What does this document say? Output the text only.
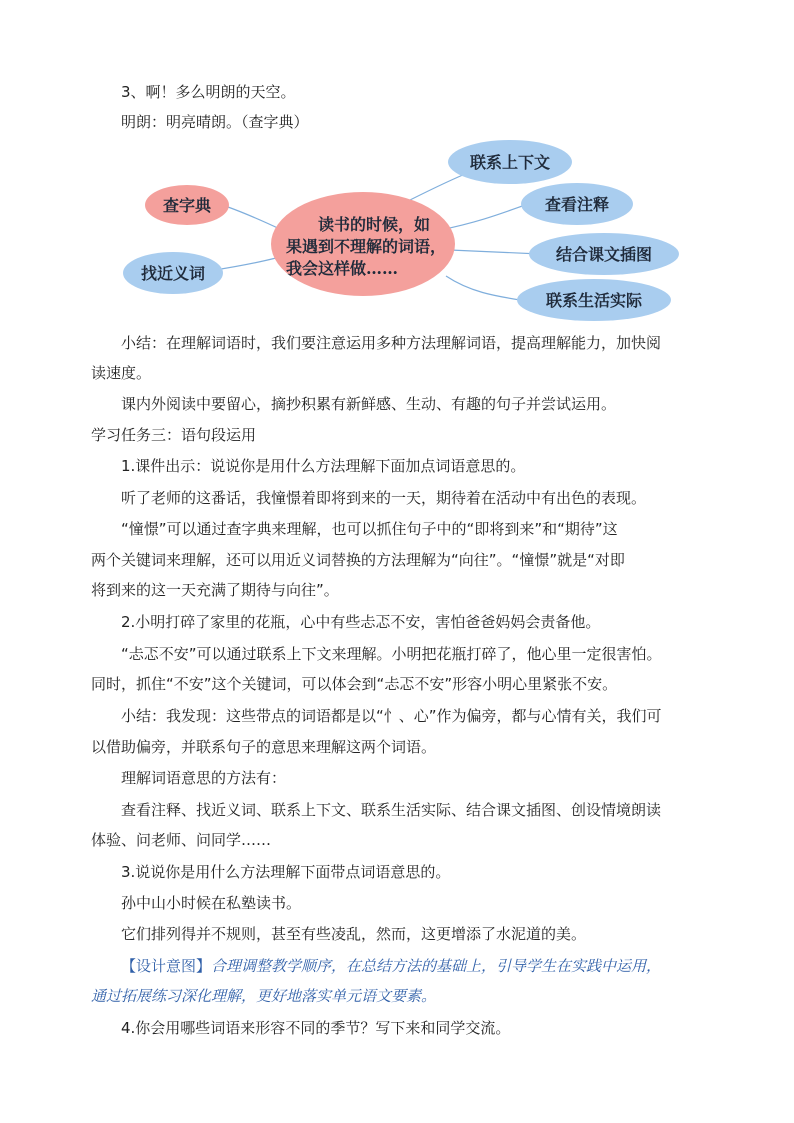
3、啊！多么明朗的天空。
明朗：明亮晴朗。（查字典）
读书的时候，如
果遇到不理解的词语，
我会这样做……
联系上下文
查字典	查看注释
找近义词
结合课文插图
联系生活实际
小结：在理解词语时，我们要注意运用多种方法理解词语，提高理解能力，加快阅
读速度。
课内外阅读中要留心，摘抄积累有新鲜感、生动、有趣的句子并尝试运用。
学习任务三：语句段运用
1.课件出示：说说你是用什么方法理解下面加点词语意思的。
听了老师的这番话，我憧憬着即将到来的一天，期待着在活动中有出色的表现。
“憧憬”可以通过查字典来理解，也可以抓住句子中的“即将到来”和“期待”这
两个关键词来理解，还可以用近义词替换的方法理解为“向往”。“憧憬”就是“对即
将到来的这一天充满了期待与向往”。
2.小明打碎了家里的花瓶，心中有些忐忑不安，害怕爸爸妈妈会责备他。
“忐忑不安”可以通过联系上下文来理解。小明把花瓶打碎了，他心里一定很害怕。
同时，抓住“不安”这个关键词，可以体会到“忐忑不安”形容小明心里紧张不安。
小结：我发现：这些带点的词语都是以“忄、心”作为偏旁，都与心情有关，我们可
以借助偏旁，并联系句子的意思来理解这两个词语。
理解词语意思的方法有：
查看注释、找近义词、联系上下文、联系生活实际、结合课文插图、创设情境朗读
体验、问老师、问同学……
3.说说你是用什么方法理解下面带点词语意思的。
孙中山小时候在私塾读书。
它们排列得并不规则，甚至有些凌乱，然而，这更增添了水泥道的美。
【设计意图】合理调整教学顺序，在总结方法的基础上，引导学生在实践中运用，
通过拓展练习深化理解，更好地落实单元语文要素。
4.你会用哪些词语来形容不同的季节？写下来和同学交流。
